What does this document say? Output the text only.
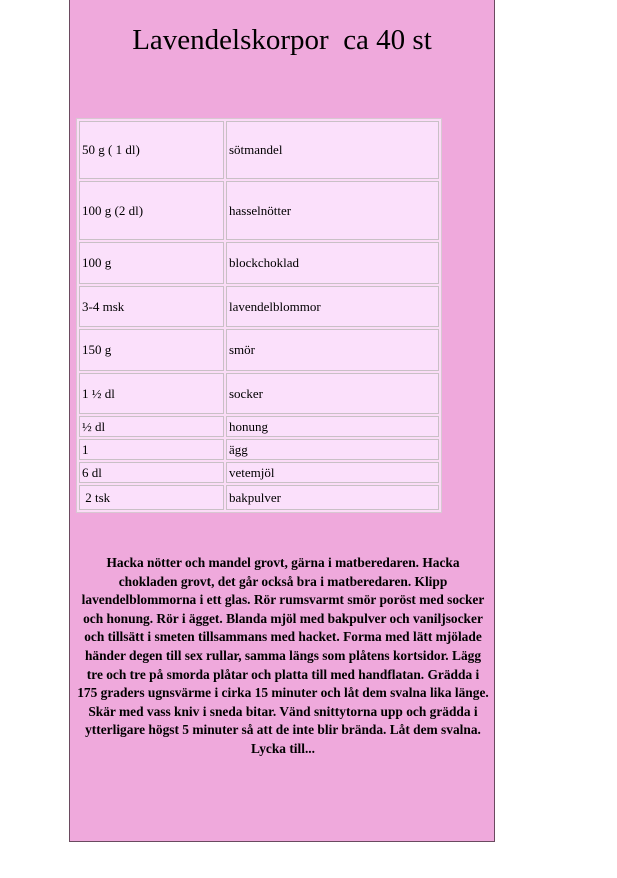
Lavendelskorpor  ca 40 st
50 g ( 1 dl)	sötmandel
100 g (2 dl)	hasselnötter
100 g	blockchoklad
3-4 msk	lavendelblommor
150 g	smör
1 ½ dl	socker
½ dl	honung
1	ägg
6 dl	vetemjöl
2 tsk	bakpulver

Hacka nötter och mandel grovt, gärna i matberedaren. Hacka chokladen grovt, det går också bra i matberedaren. Klipp lavendelblommorna i ett glas. Rör rumsvarmt smör poröst med socker och honung. Rör i ägget. Blanda mjöl med bakpulver och vaniljsocker och tillsätt i smeten tillsammans med hacket. Forma med lätt mjölade händer degen till sex rullar, samma längs som plåtens kortsidor. Lägg tre och tre på smorda plåtar och platta till med handflatan. Grädda i 175 graders ugnsvärme i cirka 15 minuter och låt dem svalna lika länge. Skär med vass kniv i sneda bitar. Vänd snittytorna upp och grädda i ytterligare högst 5 minuter så att de inte blir brända. Låt dem svalna. Lycka till...
